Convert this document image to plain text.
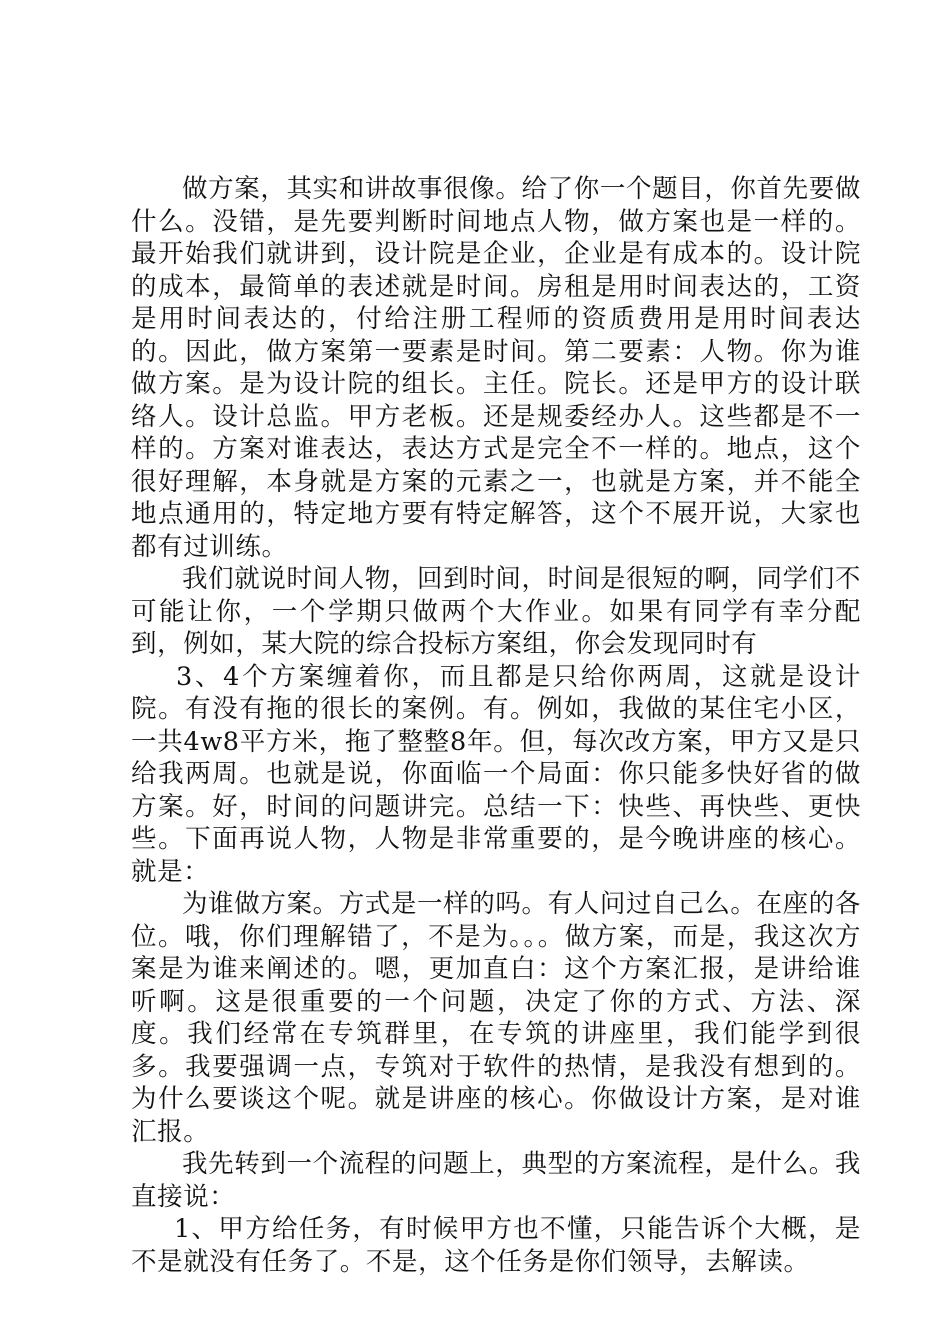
做方案，其实和讲故事很像。给了你一个题目，你首先要做什么。没错，是先要判断时间地点人物，做方案也是一样的。最开始我们就讲到，设计院是企业，企业是有成本的。设计院的成本，最简单的表述就是时间。房租是用时间表达的，工资是用时间表达的，付给注册工程师的资质费用是用时间表达的。因此，做方案第一要素是时间。第二要素：人物。你为谁做方案。是为设计院的组长。主任。院长。还是甲方的设计联络人。设计总监。甲方老板。还是规委经办人。这些都是不一样的。方案对谁表达，表达方式是完全不一样的。地点，这个很好理解，本身就是方案的元素之一，也就是方案，并不能全地点通用的，特定地方要有特定解答，这个不展开说，大家也都有过训练。

我们就说时间人物，回到时间，时间是很短的啊，同学们不可能让你，一个学期只做两个大作业。如果有同学有幸分配到，例如，某大院的综合投标方案组，你会发现同时有

3、4个方案缠着你，而且都是只给你两周，这就是设计院。有没有拖的很长的案例。有。例如，我做的某住宅小区，一共4w8平方米，拖了整整8年。但，每次改方案，甲方又是只给我两周。也就是说，你面临一个局面：你只能多快好省的做方案。好，时间的问题讲完。总结一下：快些、再快些、更快些。下面再说人物，人物是非常重要的，是今晚讲座的核心。就是：

为谁做方案。方式是一样的吗。有人问过自己么。在座的各位。哦，你们理解错了，不是为。。。做方案，而是，我这次方案是为谁来阐述的。嗯，更加直白：这个方案汇报，是讲给谁听啊。这是很重要的一个问题，决定了你的方式、方法、深度。我们经常在专筑群里，在专筑的讲座里，我们能学到很多。我要强调一点，专筑对于软件的热情，是我没有想到的。为什么要谈这个呢。就是讲座的核心。你做设计方案，是对谁汇报。

我先转到一个流程的问题上，典型的方案流程，是什么。我直接说：

1、甲方给任务，有时候甲方也不懂，只能告诉个大概，是不是就没有任务了。不是，这个任务是你们领导，去解读。
